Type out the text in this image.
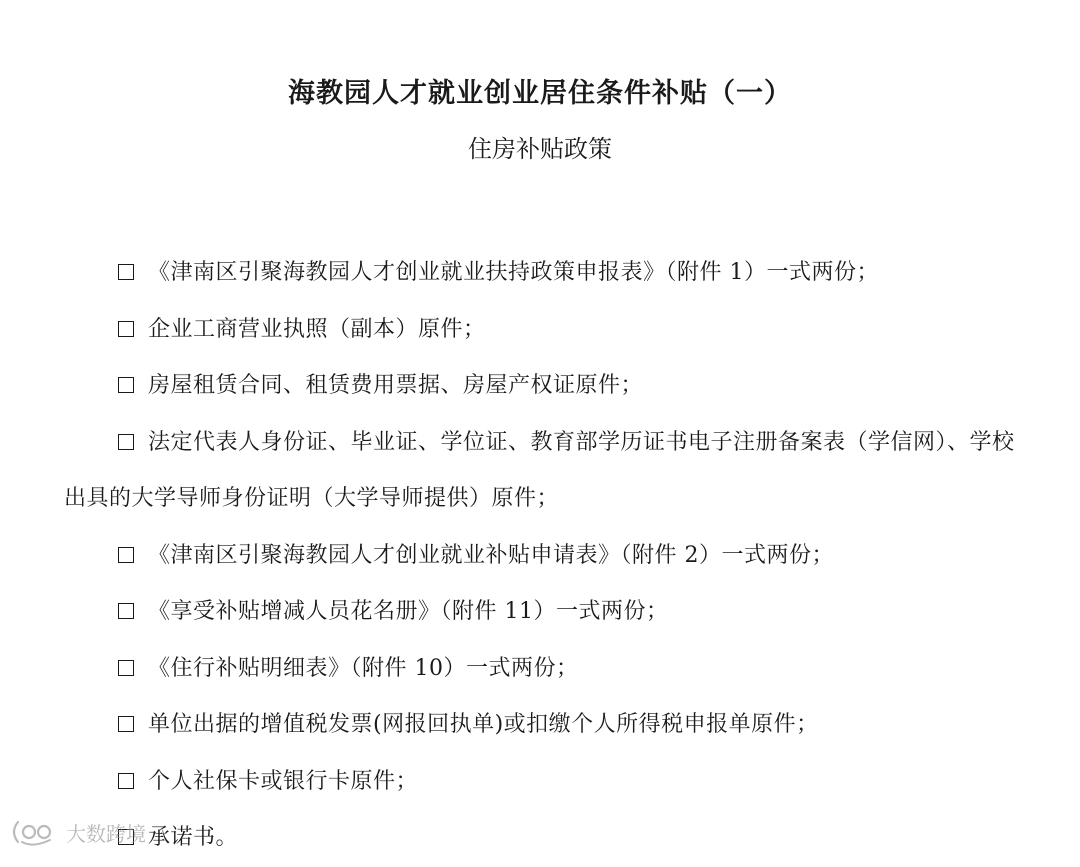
海教园人才就业创业居住条件补贴（一）
住房补贴政策
《津南区引聚海教园人才创业就业扶持政策申报表》（附件 1）一式两份；
企业工商营业执照（副本）原件；
房屋租赁合同、租赁费用票据、房屋产权证原件；
法定代表人身份证、毕业证、学位证、教育部学历证书电子注册备案表（学信网）、学校出具的大学导师身份证明（大学导师提供）原件；
《津南区引聚海教园人才创业就业补贴申请表》（附件 2）一式两份；
《享受补贴增减人员花名册》（附件 11）一式两份；
《住行补贴明细表》（附件 10）一式两份；
单位出据的增值税发票(网报回执单)或扣缴个人所得税申报单原件；
个人社保卡或银行卡原件；
承诺书。
大数跨境
